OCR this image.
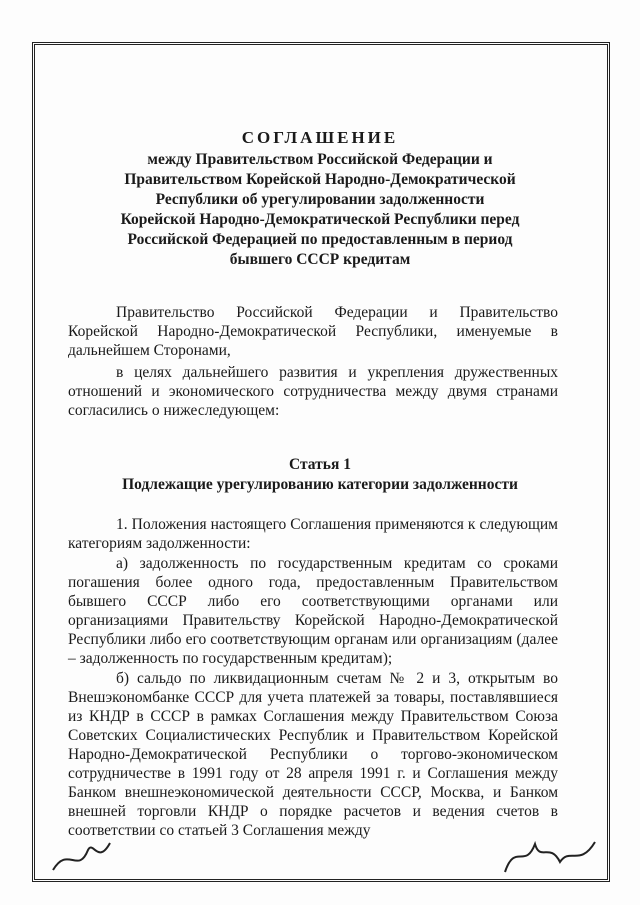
СОГЛАШЕНИЕ
между Правительством Российской Федерации и Правительством Корейской Народно-Демократической Республики об урегулировании задолженности Корейской Народно-Демократической Республики перед Российской Федерацией по предоставленным в период бывшего СССР кредитам
Правительство Российской Федерации и Правительство Корейской Народно-Демократической Республики, именуемые в дальнейшем Сторонами,
в целях дальнейшего развития и укрепления дружественных отношений и экономического сотрудничества между двумя странами согласились о нижеследующем:
Статья 1
Подлежащие урегулированию категории задолженности
1. Положения настоящего Соглашения применяются к следующим категориям задолженности:
а) задолженность по государственным кредитам со сроками погашения более одного года, предоставленным Правительством бывшего СССР либо его соответствующими органами или организациями Правительству Корейской Народно-Демократической Республики либо его соответствующим органам или организациям (далее – задолженность по государственным кредитам);
б) сальдо по ликвидационным счетам № 2 и 3, открытым во Внешэкономбанке СССР для учета платежей за товары, поставлявшиеся из КНДР в СССР в рамках Соглашения между Правительством Союза Советских Социалистических Республик и Правительством Корейской Народно-Демократической Республики о торгово-экономическом сотрудничестве в 1991 году от 28 апреля 1991 г. и Соглашения между Банком внешнеэкономической деятельности СССР, Москва, и Банком внешней торговли КНДР о порядке расчетов и ведения счетов в соответствии со статьей 3 Соглашения между
